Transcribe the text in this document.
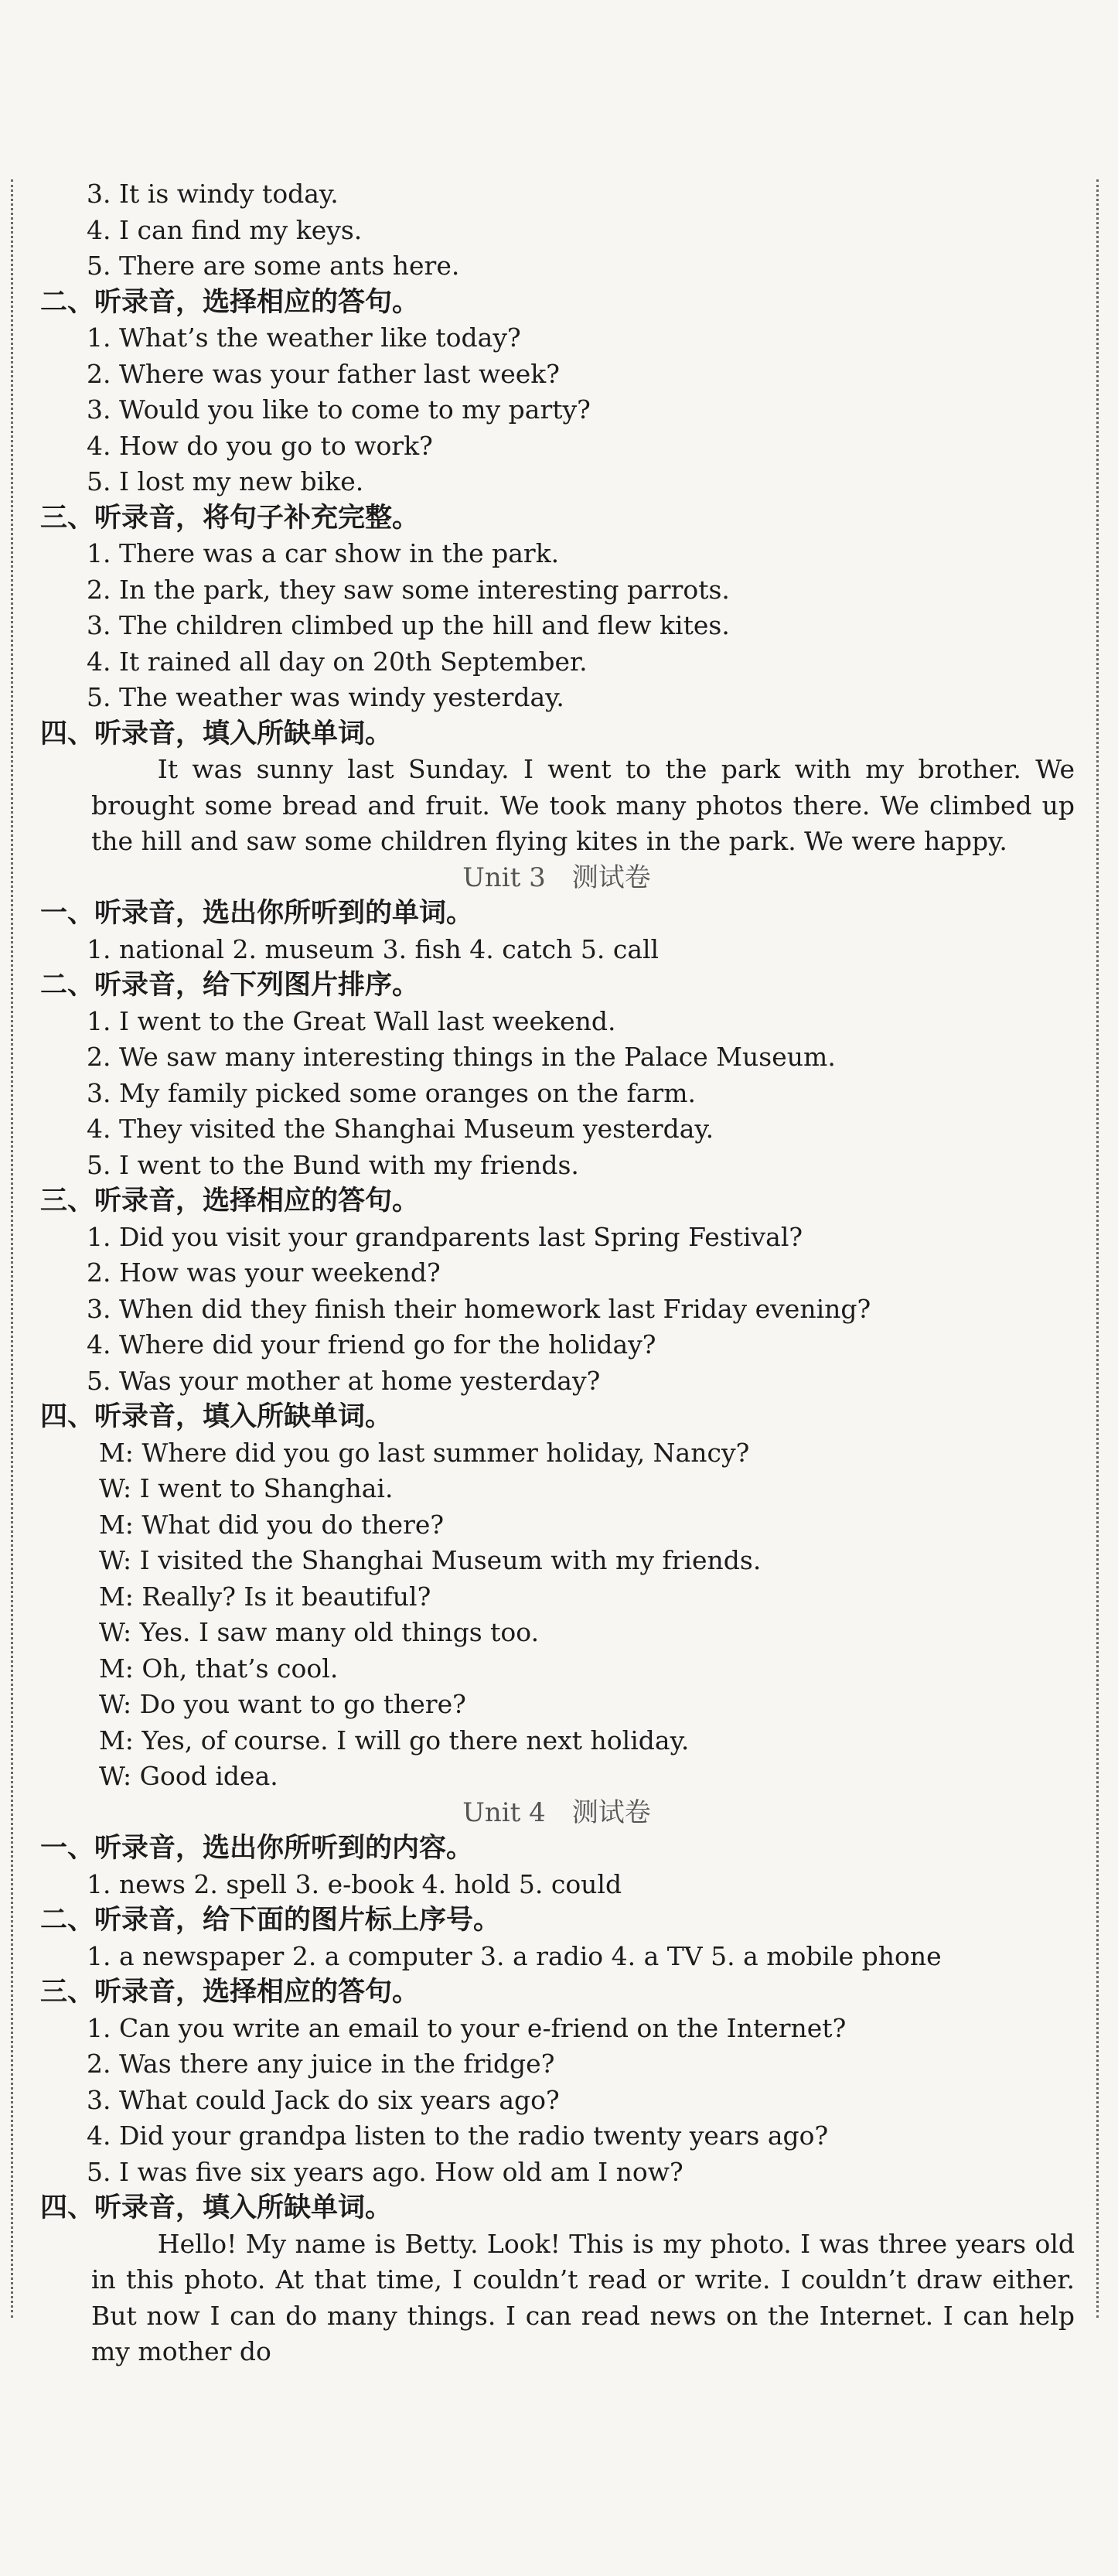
3. It is windy today.
4. I can find my keys.
5. There are some ants here.
二、听录音，选择相应的答句。
1. What’s the weather like today?
2. Where was your father last week?
3. Would you like to come to my party?
4. How do you go to work?
5. I lost my new bike.
三、听录音，将句子补充完整。
1. There was a car show in the park.
2. In the park, they saw some interesting parrots.
3. The children climbed up the hill and flew kites.
4. It rained all day on 20th September.
5. The weather was windy yesterday.
四、听录音，填入所缺单词。
It was sunny last Sunday. I went to the park with my brother. We brought some bread and fruit. We took many photos there. We climbed up the hill and saw some children flying kites in the park. We were happy.
Unit 3 测试卷
一、听录音，选出你所听到的单词。
1. national 2. museum 3. fish 4. catch 5. call
二、听录音，给下列图片排序。
1. I went to the Great Wall last weekend.
2. We saw many interesting things in the Palace Museum.
3. My family picked some oranges on the farm.
4. They visited the Shanghai Museum yesterday.
5. I went to the Bund with my friends.
三、听录音，选择相应的答句。
1. Did you visit your grandparents last Spring Festival?
2. How was your weekend?
3. When did they finish their homework last Friday evening?
4. Where did your friend go for the holiday?
5. Was your mother at home yesterday?
四、听录音，填入所缺单词。
M: Where did you go last summer holiday, Nancy?
W: I went to Shanghai.
M: What did you do there?
W: I visited the Shanghai Museum with my friends.
M: Really? Is it beautiful?
W: Yes. I saw many old things too.
M: Oh, that’s cool.
W: Do you want to go there?
M: Yes, of course. I will go there next holiday.
W: Good idea.
Unit 4 测试卷
一、听录音，选出你所听到的内容。
1. news 2. spell 3. e-book 4. hold 5. could
二、听录音，给下面的图片标上序号。
1. a newspaper 2. a computer 3. a radio 4. a TV 5. a mobile phone
三、听录音，选择相应的答句。
1. Can you write an email to your e-friend on the Internet?
2. Was there any juice in the fridge?
3. What could Jack do six years ago?
4. Did your grandpa listen to the radio twenty years ago?
5. I was five six years ago. How old am I now?
四、听录音，填入所缺单词。
Hello! My name is Betty. Look! This is my photo. I was three years old in this photo. At that time, I couldn’t read or write. I couldn’t draw either. But now I can do many things. I can read news on the Internet. I can help my mother do
